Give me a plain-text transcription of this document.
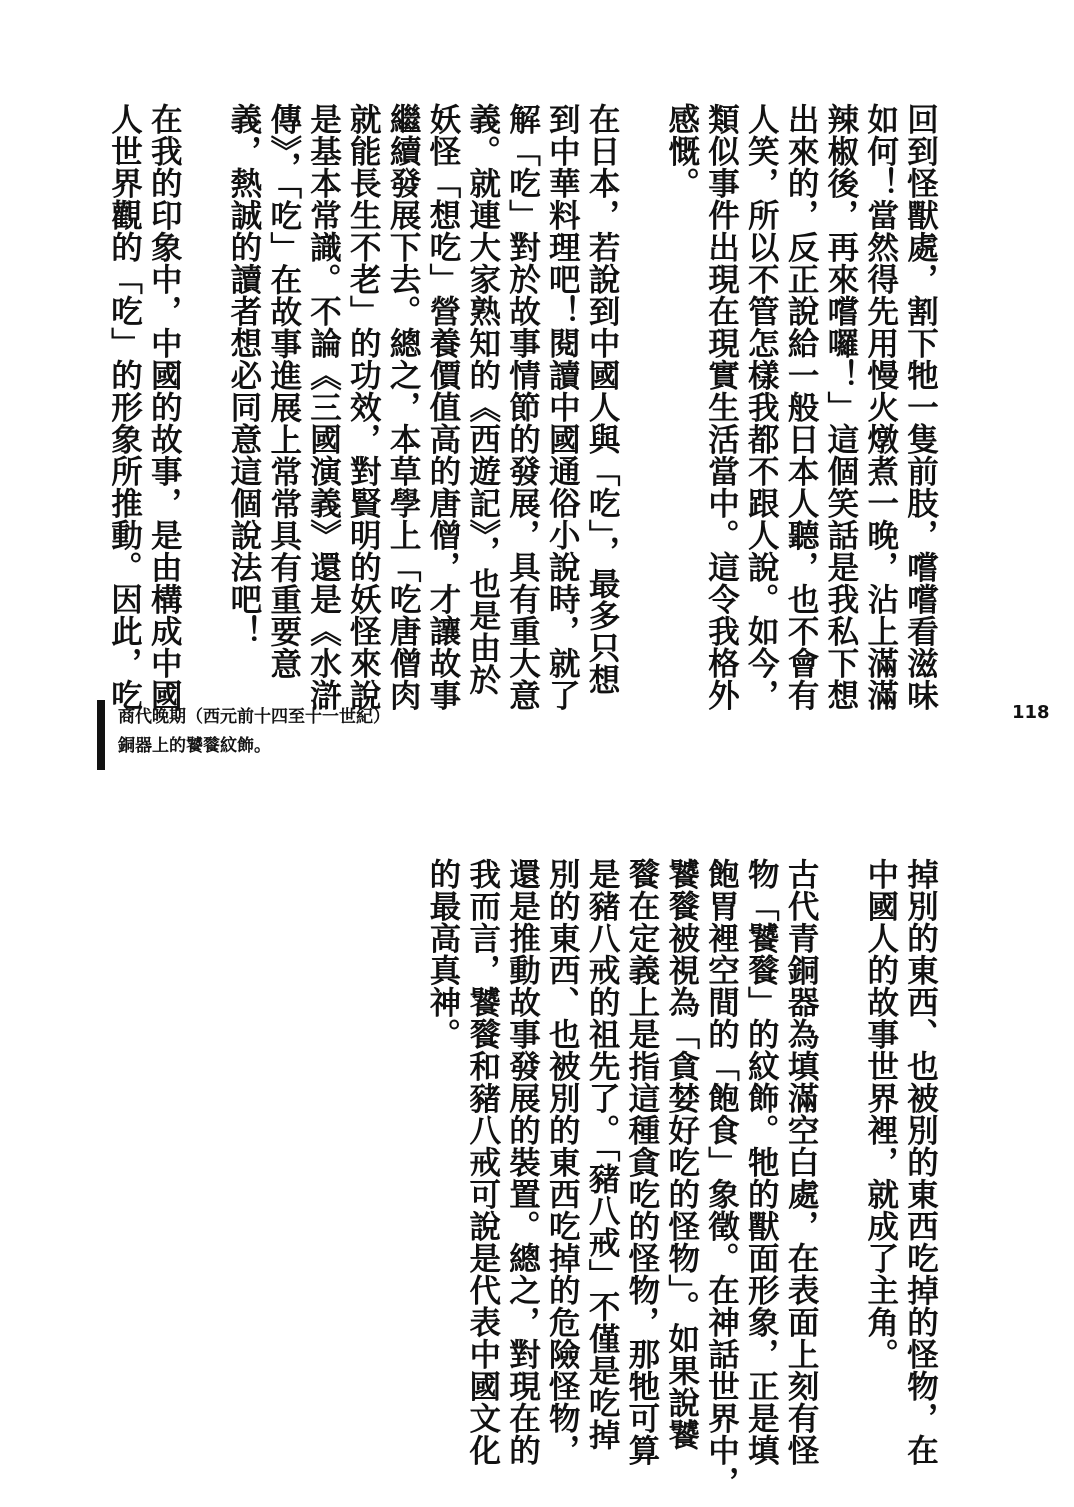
回到怪獸處，割下牠一隻前肢，嚐嚐看滋味
如何！當然得先用慢火燉煮一晚，沾上滿滿
辣椒後，再來嚐囉！」這個笑話是我私下想
出來的，反正說給一般日本人聽，也不會有
人笑，所以不管怎樣我都不跟人說。如今，
類似事件出現在現實生活當中。這令我格外
感慨。
在日本，若說到中國人與「吃」，最多只想
到中華料理吧！閱讀中國通俗小說時，就了
解「吃」對於故事情節的發展，具有重大意
義。就連大家熟知的《西遊記》，也是由於
妖怪「想吃」營養價值高的唐僧，才讓故事
繼續發展下去。總之，本草學上「吃唐僧肉
就能長生不老」的功效，對賢明的妖怪來說
是基本常識。不論《三國演義》還是《水滸
傳》，「吃」在故事進展上常常具有重要意
義，熱誠的讀者想必同意這個說法吧！
在我的印象中，中國的故事，是由構成中國
人世界觀的「吃」的形象所推動。因此，吃
掉別的東西、也被別的東西吃掉的怪物，在
中國人的故事世界裡，就成了主角。
古代青銅器為填滿空白處，在表面上刻有怪
物「饕餮」的紋飾。牠的獸面形象，正是填
飽胃裡空間的「飽食」象徵。在神話世界中，
饕餮被視為「貪婪好吃的怪物」。如果說饕
餮在定義上是指這種貪吃的怪物，那牠可算
是豬八戒的祖先了。「豬八戒」不僅是吃掉
別的東西、也被別的東西吃掉的危險怪物，
還是推動故事發展的裝置。總之，對現在的
我而言，饕餮和豬八戒可說是代表中國文化
的最高真神。
商代晚期（西元前十四至十一世紀）
銅器上的饕餮紋飾。
118
